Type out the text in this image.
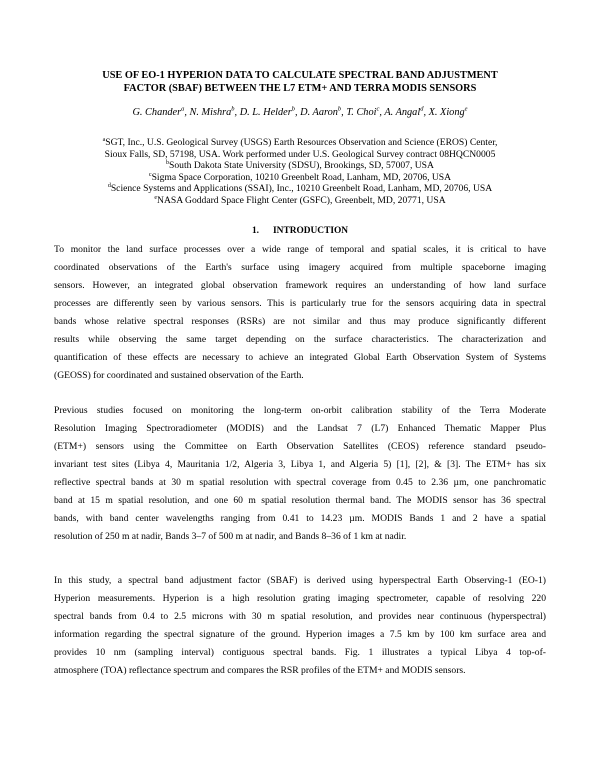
USE OF EO-1 HYPERION DATA TO CALCULATE SPECTRAL BAND ADJUSTMENT
FACTOR (SBAF) BETWEEN THE L7 ETM+ AND TERRA MODIS SENSORS
G. Chander$^a$, N. Mishra$^b$, D. L. Helder$^b$, D. Aaron$^b$, T. Choi$^c$, A. Angal$^d$, X. Xiong$^e$
$^a$SGT, Inc., U.S. Geological Survey (USGS) Earth Resources Observation and Science (EROS) Center,
Sioux Falls, SD, 57198, USA. Work performed under U.S. Geological Survey contract 08HQCN0005
$^b$South Dakota State University (SDSU), Brookings, SD, 57007, USA
$^c$Sigma Space Corporation, 10210 Greenbelt Road, Lanham, MD, 20706, USA
$^d$Science Systems and Applications (SSAI), Inc., 10210 Greenbelt Road, Lanham, MD, 20706, USA
$^e$NASA Goddard Space Flight Center (GSFC), Greenbelt, MD, 20771, USA
1.      INTRODUCTION
To monitor the land surface processes over a wide range of temporal and spatial scales, it is critical to have
coordinated observations of the Earth's surface using imagery acquired from multiple spaceborne imaging
sensors. However, an integrated global observation framework requires an understanding of how land surface
processes are differently seen by various sensors. This is particularly true for the sensors acquiring data in spectral
bands whose relative spectral responses (RSRs) are not similar and thus may produce significantly different
results while observing the same target depending on the surface characteristics. The characterization and
quantification of these effects are necessary to achieve an integrated Global Earth Observation System of Systems
(GEOSS) for coordinated and sustained observation of the Earth.
Previous studies focused on monitoring the long-term on-orbit calibration stability of the Terra Moderate
Resolution Imaging Spectroradiometer (MODIS) and the Landsat 7 (L7) Enhanced Thematic Mapper Plus
(ETM+) sensors using the Committee on Earth Observation Satellites (CEOS) reference standard pseudo-
invariant test sites (Libya 4, Mauritania 1/2, Algeria 3, Libya 1, and Algeria 5) [1], [2], & [3]. The ETM+ has six
reflective spectral bands at 30 m spatial resolution with spectral coverage from 0.45 to 2.36 µm, one panchromatic
band at 15 m spatial resolution, and one 60 m spatial resolution thermal band. The MODIS sensor has 36 spectral
bands, with band center wavelengths ranging from 0.41 to 14.23 µm. MODIS Bands 1 and 2 have a spatial
resolution of 250 m at nadir, Bands 3–7 of 500 m at nadir, and Bands 8–36 of 1 km at nadir.
In this study, a spectral band adjustment factor (SBAF) is derived using hyperspectral Earth Observing-1 (EO-1)
Hyperion measurements. Hyperion is a high resolution grating imaging spectrometer, capable of resolving 220
spectral bands from 0.4 to 2.5 microns with 30 m spatial resolution, and provides near continuous (hyperspectral)
information regarding the spectral signature of the ground. Hyperion images a 7.5 km by 100 km surface area and
provides 10 nm (sampling interval) contiguous spectral bands. Fig. 1 illustrates a typical Libya 4 top-of-
atmosphere (TOA) reflectance spectrum and compares the RSR profiles of the ETM+ and MODIS sensors.
